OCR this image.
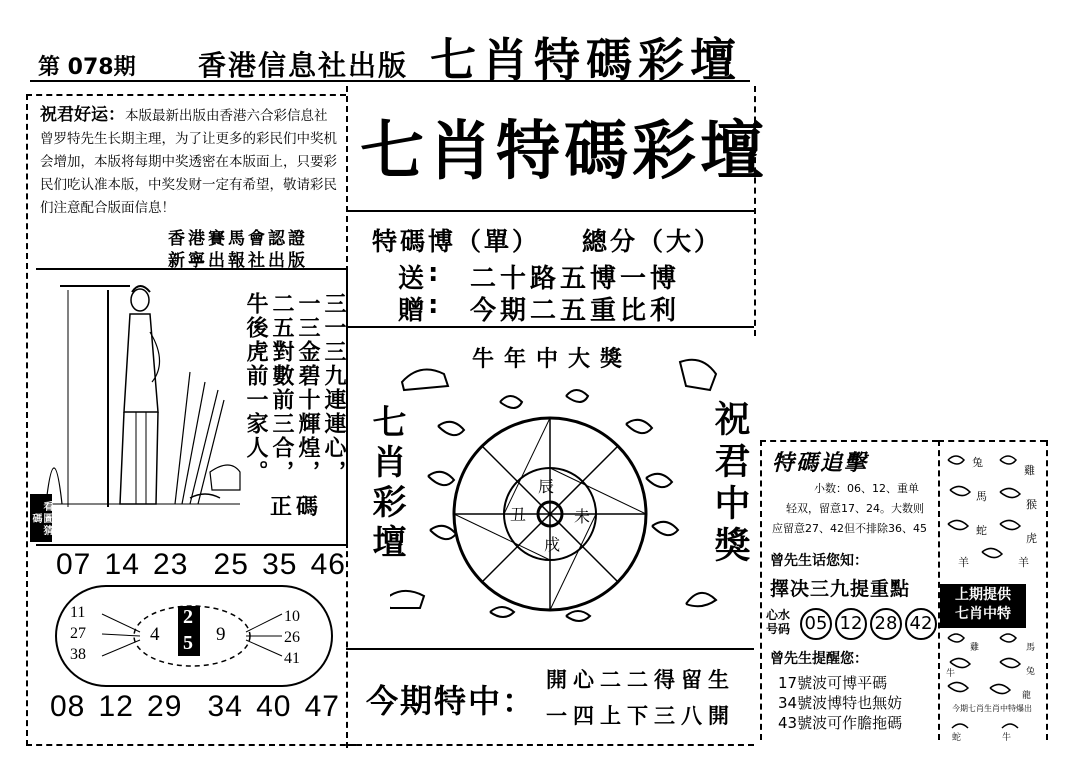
第 078期 香港信息社出版 七肖特碼彩壇
祝君好运：本版最新出版由香港六合彩信息社曾罗特先生长期主理，为了让更多的彩民们中奖机会增加，本版将每期中奖透密在本版面上，只要彩民们吃认准本版，中奖发财一定有希望，敬请彩民们注意配合版面信息！
香港賽馬會認證
新寧出報社出版
看圖猜碼
三一三九連連心，
一三金碧十輝煌，
二五對數前三合，
牛後虎前一家人。
正碼
07 14 23 25 35 46
11
27
38
4
2
5 9
10
26
41
08 12 29 34 40 47
七肖特碼彩壇
特碼博（單） 總分（大）
送 : 二十路五博一博
贈 : 今期二五重比利
牛年中大獎
七肖彩壇	祝君中獎
辰
未
戌
丑
今期特中：
開心二二得留生
一四上下三八開
特碼追擊
小数：06、12、重单
轻双，留意17、24。大数则
应留意27、42但不排除36、45
曾先生话您知：
擇决三九提重點
心水号码 05 12 28 42
曾先生提醒您：
17號波可博平碼
34號波博特也無妨
43號波可作膽拖碼
兔
雞
馬
猴
蛇
虎
羊	羊
上期提供
七肖中特
牛
馬
兔
雞
龍
今期七肖生肖中特爆出
蛇	牛
